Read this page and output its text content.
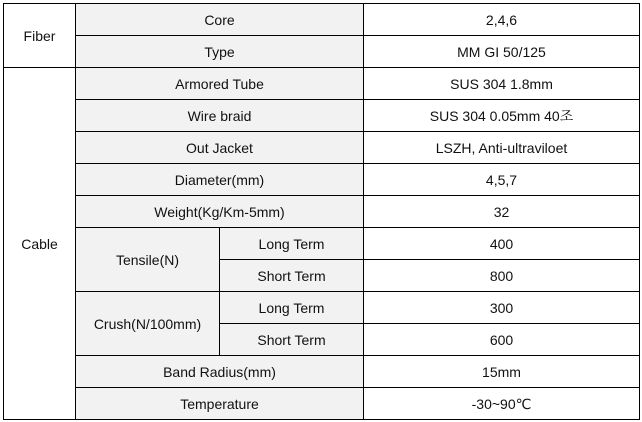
Fiber	Core		2,4,6
	Type		MM GI 50/125
Cable	Armored Tube		SUS 304 1.8mm
	Wire braid		SUS 304 0.05mm 40조
	Out Jacket		LSZH, Anti-ultraviloet
	Diameter(mm)		4,5,7
	Weight(Kg/Km-5mm)		32
	Tensile(N)	Long Term	400
		Short Term	800
	Crush(N/100mm)	Long Term	300
		Short Term	600
	Band Radius(mm)		15mm
	Temperature		-30~90℃
